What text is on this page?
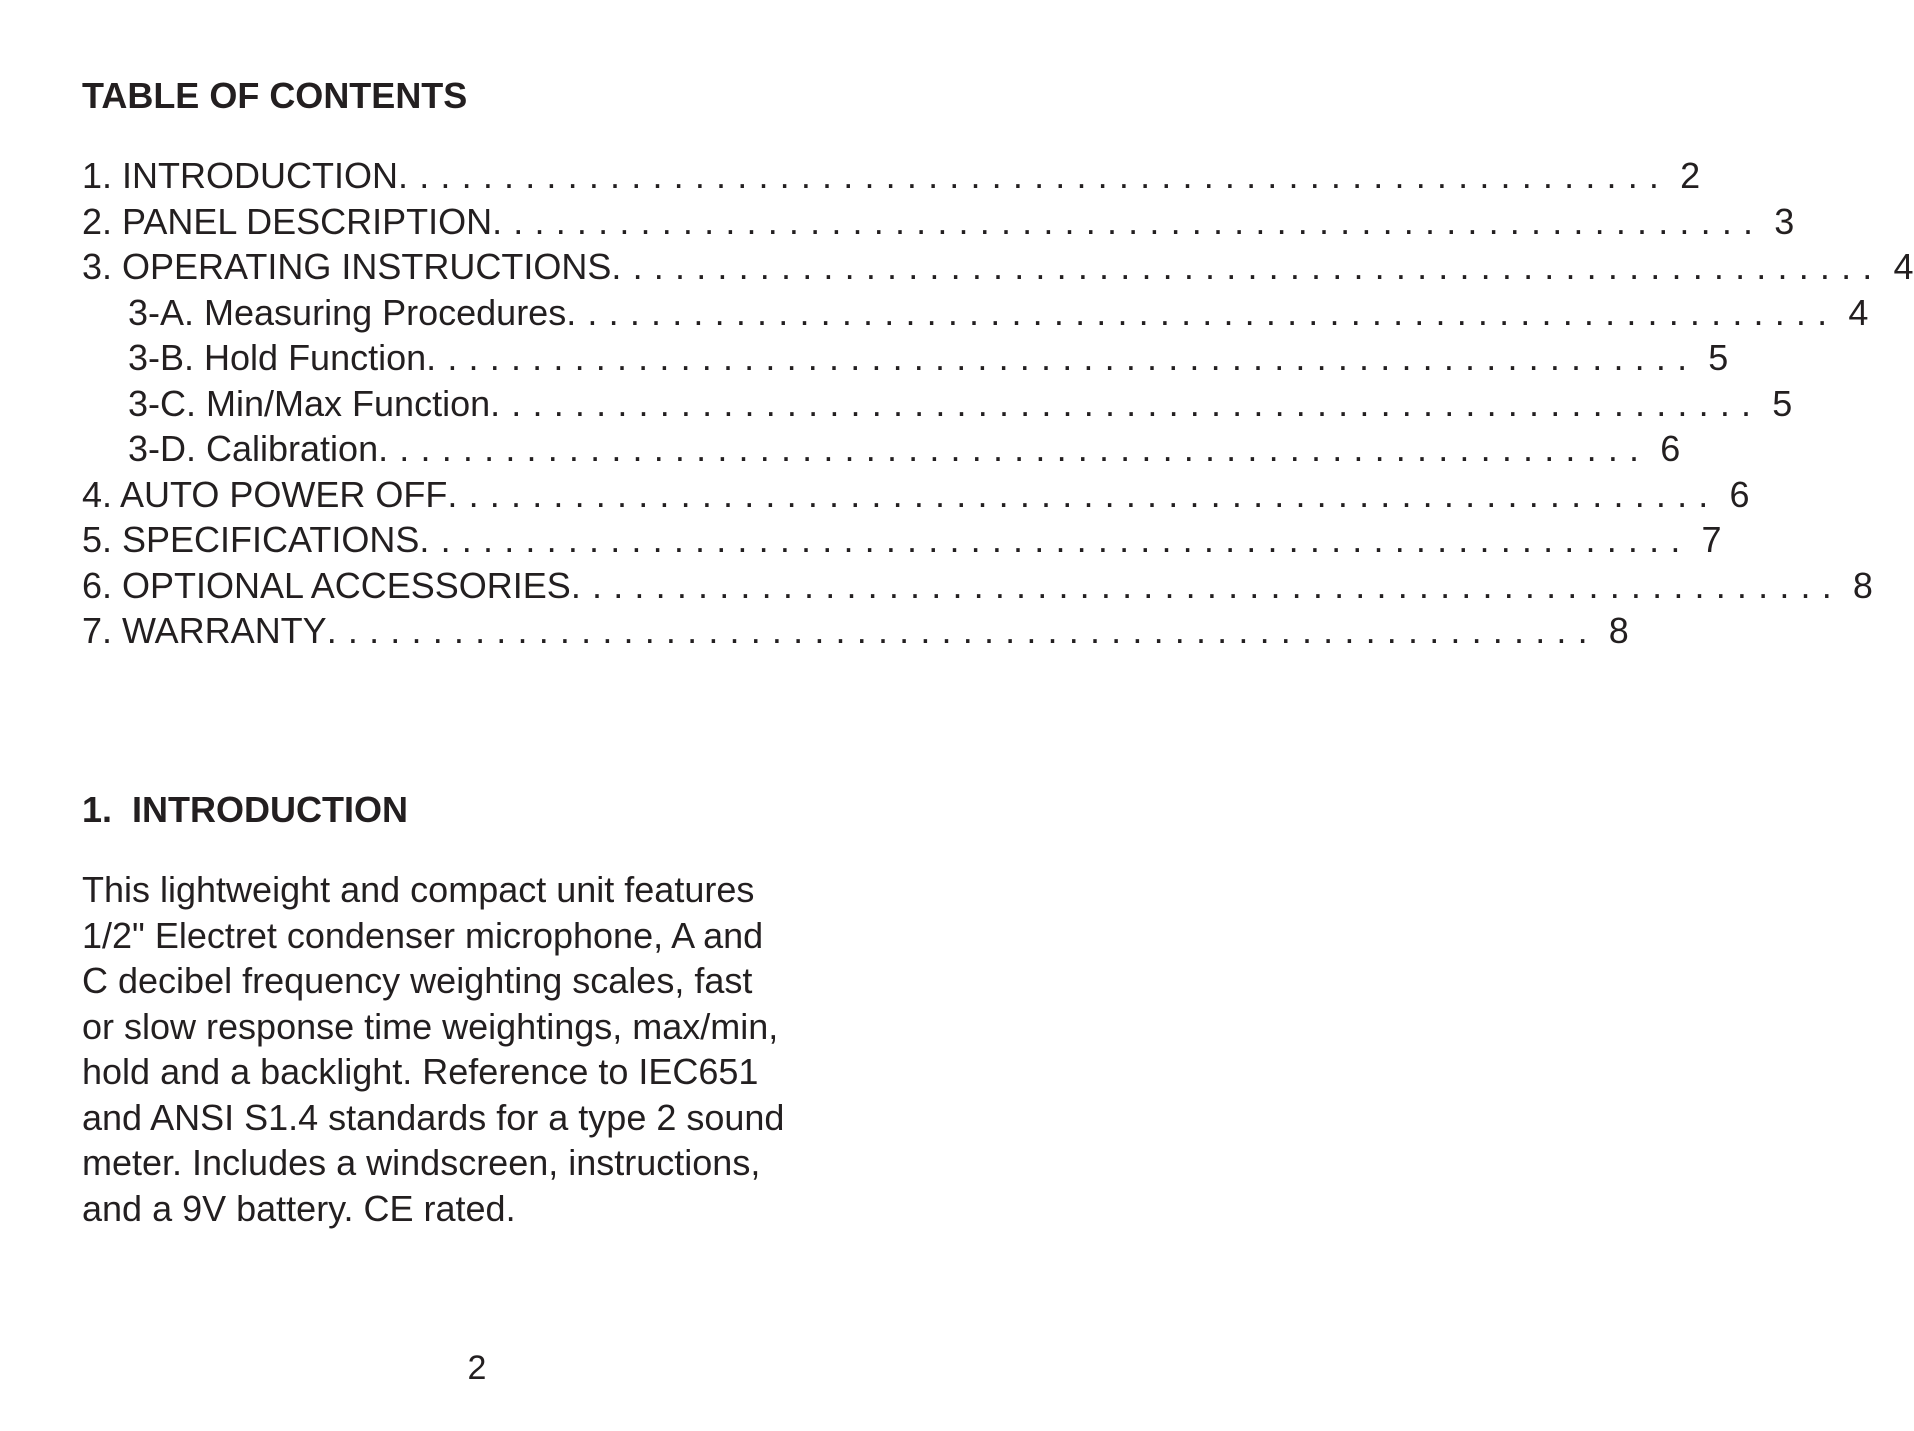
TABLE OF CONTENTS
1. INTRODUCTION ............................................................ 2
2. PANEL DESCRIPTION ............................................................ 3
3. OPERATING INSTRUCTIONS ............................................................ 4
3-A. Measuring Procedures ............................................................ 4
3-B. Hold Function ............................................................ 5
3-C. Min/Max Function ............................................................ 5
3-D. Calibration ............................................................ 6
4. AUTO POWER OFF ............................................................ 6
5. SPECIFICATIONS ............................................................ 7
6. OPTIONAL ACCESSORIES ............................................................ 8
7. WARRANTY ............................................................ 8
1.  INTRODUCTION
This lightweight and compact unit features
1/2" Electret condenser microphone, A and
C decibel frequency weighting scales, fast
or slow response time weightings, max/min,
hold and a backlight. Reference to IEC651
and ANSI S1.4 standards for a type 2 sound
meter. Includes a windscreen, instructions,
and a 9V battery. CE rated.
2
